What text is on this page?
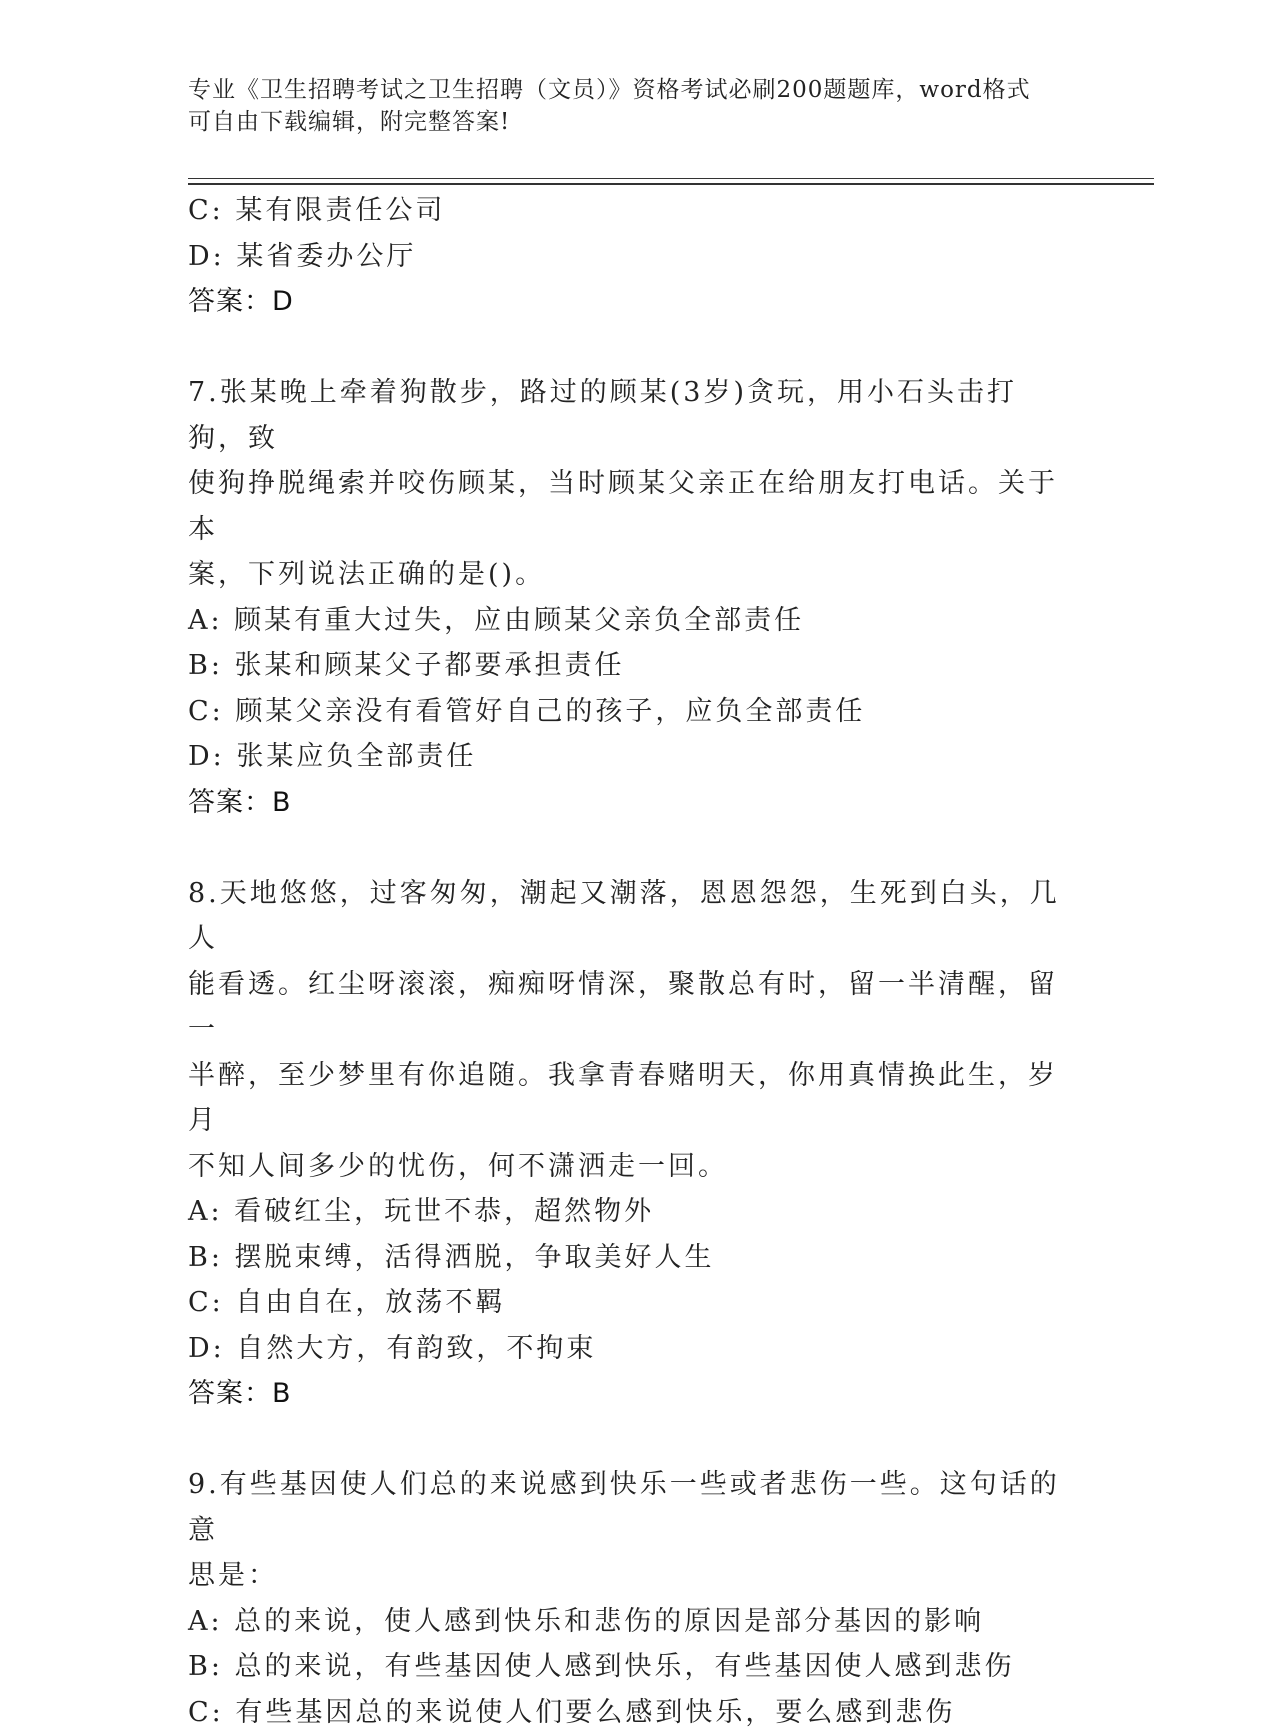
专业《卫生招聘考试之卫生招聘（文员）》资格考试必刷200题题库，word格式
可自由下载编辑，附完整答案!
C: 某有限责任公司
D: 某省委办公厅
答案：D
7.张某晚上牵着狗散步，路过的顾某(3岁)贪玩，用小石头击打狗，致
使狗挣脱绳索并咬伤顾某，当时顾某父亲正在给朋友打电话。关于本
案，下列说法正确的是()。
A: 顾某有重大过失，应由顾某父亲负全部责任
B: 张某和顾某父子都要承担责任
C: 顾某父亲没有看管好自己的孩子，应负全部责任
D: 张某应负全部责任
答案：B
8.天地悠悠，过客匆匆，潮起又潮落，恩恩怨怨，生死到白头，几人
能看透。红尘呀滚滚，痴痴呀情深，聚散总有时，留一半清醒，留一
半醉，至少梦里有你追随。我拿青春赌明天，你用真情换此生，岁月
不知人间多少的忧伤，何不潇洒走一回。
A: 看破红尘，玩世不恭，超然物外
B: 摆脱束缚，活得洒脱，争取美好人生
C: 自由自在，放荡不羁
D: 自然大方，有韵致，不拘束
答案：B
9.有些基因使人们总的来说感到快乐一些或者悲伤一些。这句话的意
思是：
A: 总的来说，使人感到快乐和悲伤的原因是部分基因的影响
B: 总的来说，有些基因使人感到快乐，有些基因使人感到悲伤
C: 有些基因总的来说使人们要么感到快乐，要么感到悲伤
